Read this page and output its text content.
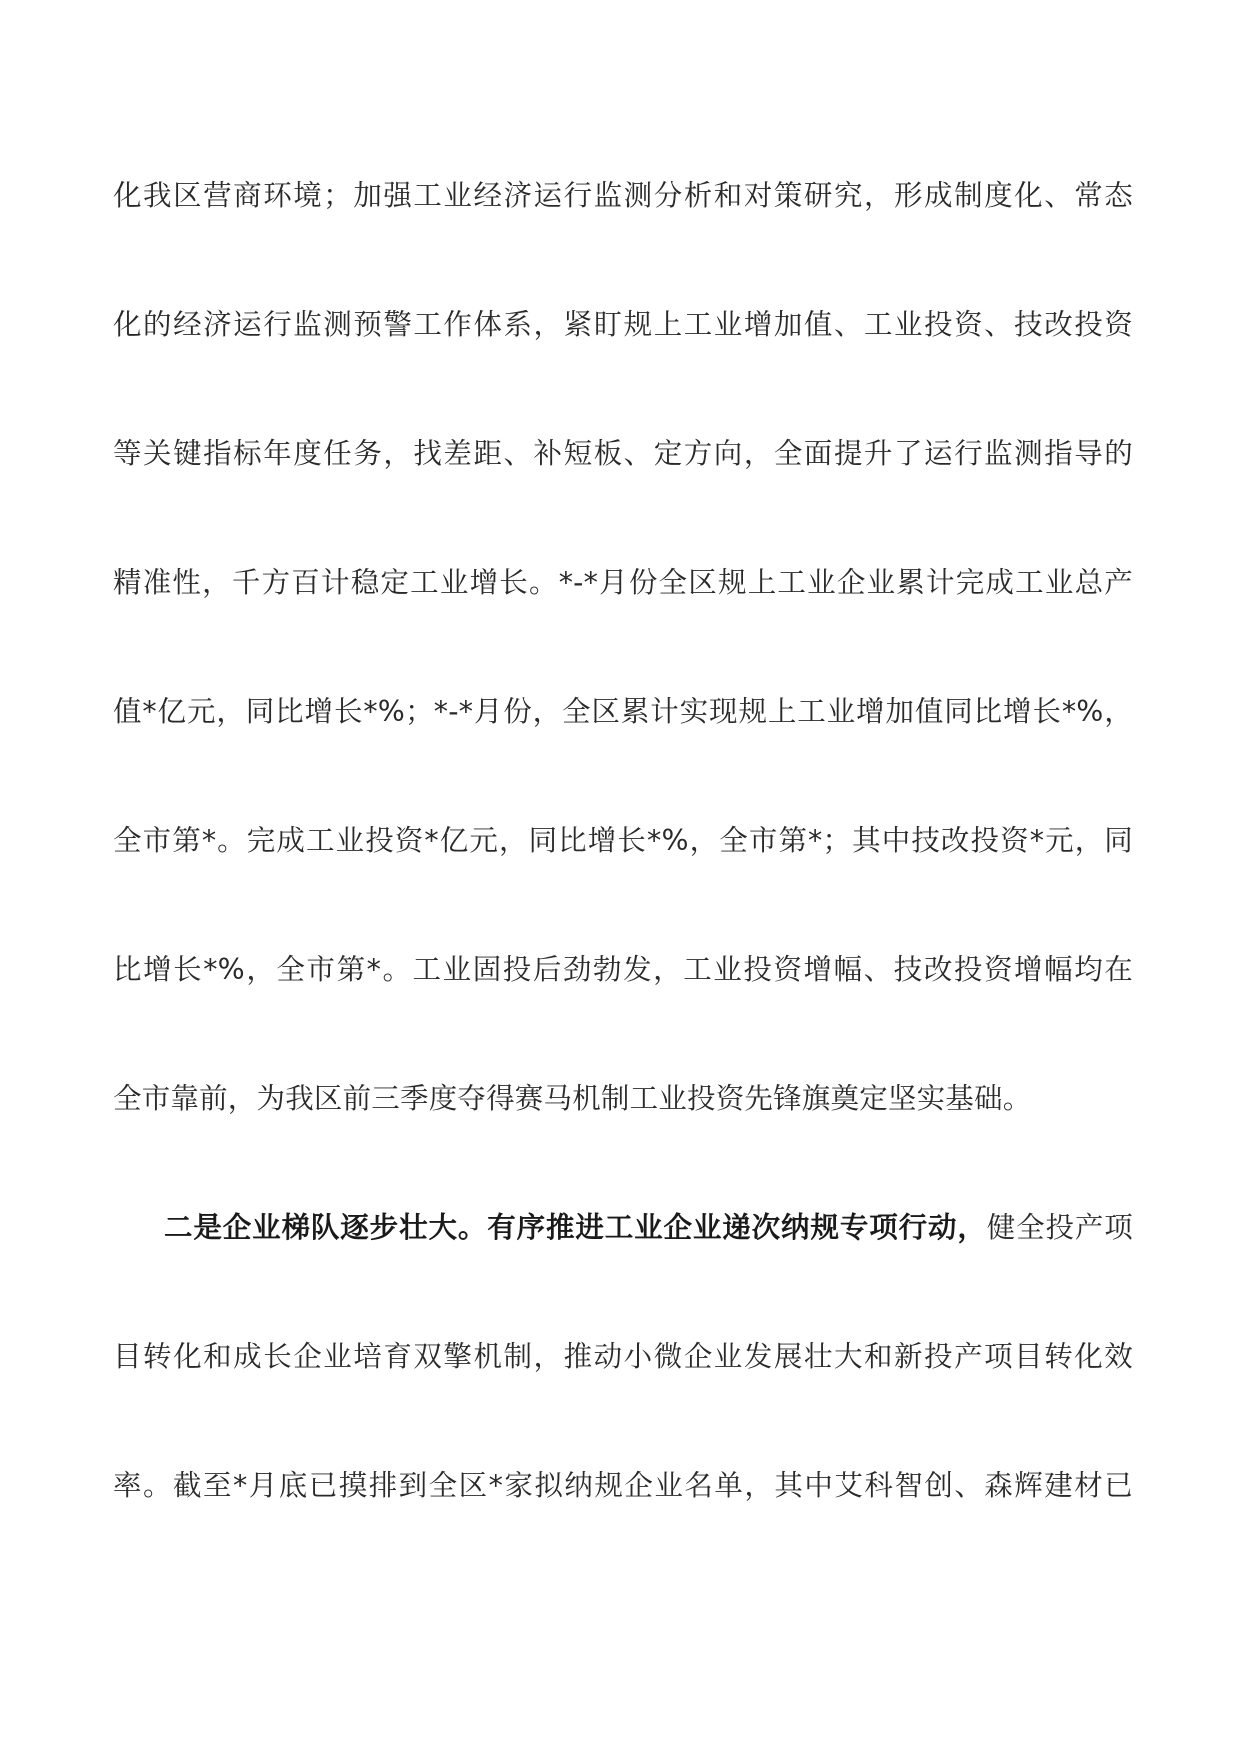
化我区营商环境；加强工业经济运行监测分析和对策研究，形成制度化、常态
化的经济运行监测预警工作体系，紧盯规上工业增加值、工业投资、技改投资
等关键指标年度任务，找差距、补短板、定方向，全面提升了运行监测指导的
精准性，千方百计稳定工业增长。*-*月份全区规上工业企业累计完成工业总产
值*亿元，同比增长*%；*-*月份，全区累计实现规上工业增加值同比增长*%，
全市第*。完成工业投资*亿元，同比增长*%，全市第*；其中技改投资*元，同
比增长*%，全市第*。工业固投后劲勃发，工业投资增幅、技改投资增幅均在
全市靠前，为我区前三季度夺得赛马机制工业投资先锋旗奠定坚实基础。
二是企业梯队逐步壮大。有序推进工业企业递次纳规专项行动，健全投产项
目转化和成长企业培育双擎机制，推动小微企业发展壮大和新投产项目转化效
率。截至*月底已摸排到全区*家拟纳规企业名单，其中艾科智创、森辉建材已
